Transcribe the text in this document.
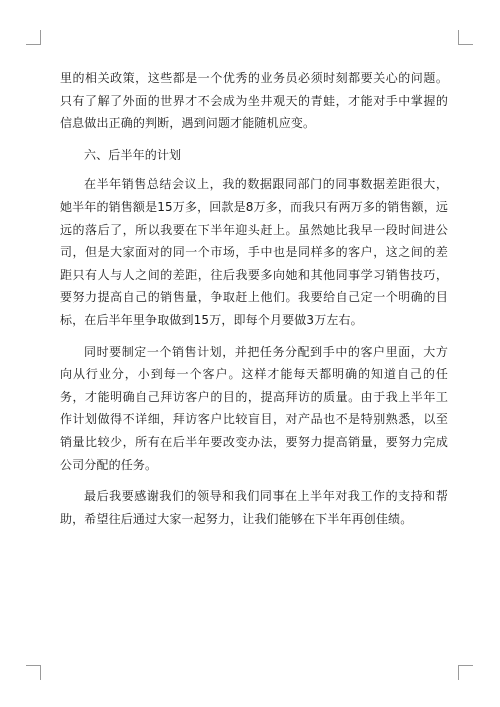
里的相关政策，这些都是一个优秀的业务员必须时刻都要关心的问题。只有了解了外面的世界才不会成为坐井观天的青蛙，才能对手中掌握的信息做出正确的判断，遇到问题才能随机应变。

六、后半年的计划

在半年销售总结会议上，我的数据跟同部门的同事数据差距很大，她半年的销售额是15万多，回款是8万多，而我只有两万多的销售额，远远的落后了，所以我要在下半年迎头赶上。虽然她比我早一段时间进公司，但是大家面对的同一个市场，手中也是同样多的客户，这之间的差距只有人与人之间的差距，往后我要多向她和其他同事学习销售技巧，要努力提高自己的销售量，争取赶上他们。我要给自己定一个明确的目标，在后半年里争取做到15万，即每个月要做3万左右。

同时要制定一个销售计划，并把任务分配到手中的客户里面，大方向从行业分，小到每一个客户。这样才能每天都明确的知道自己的任务，才能明确自己拜访客户的目的，提高拜访的质量。由于我上半年工作计划做得不详细，拜访客户比较盲目，对产品也不是特别熟悉，以至销量比较少，所有在后半年要改变办法，要努力提高销量，要努力完成公司分配的任务。

最后我要感谢我们的领导和我们同事在上半年对我工作的支持和帮助，希望往后通过大家一起努力，让我们能够在下半年再创佳绩。
